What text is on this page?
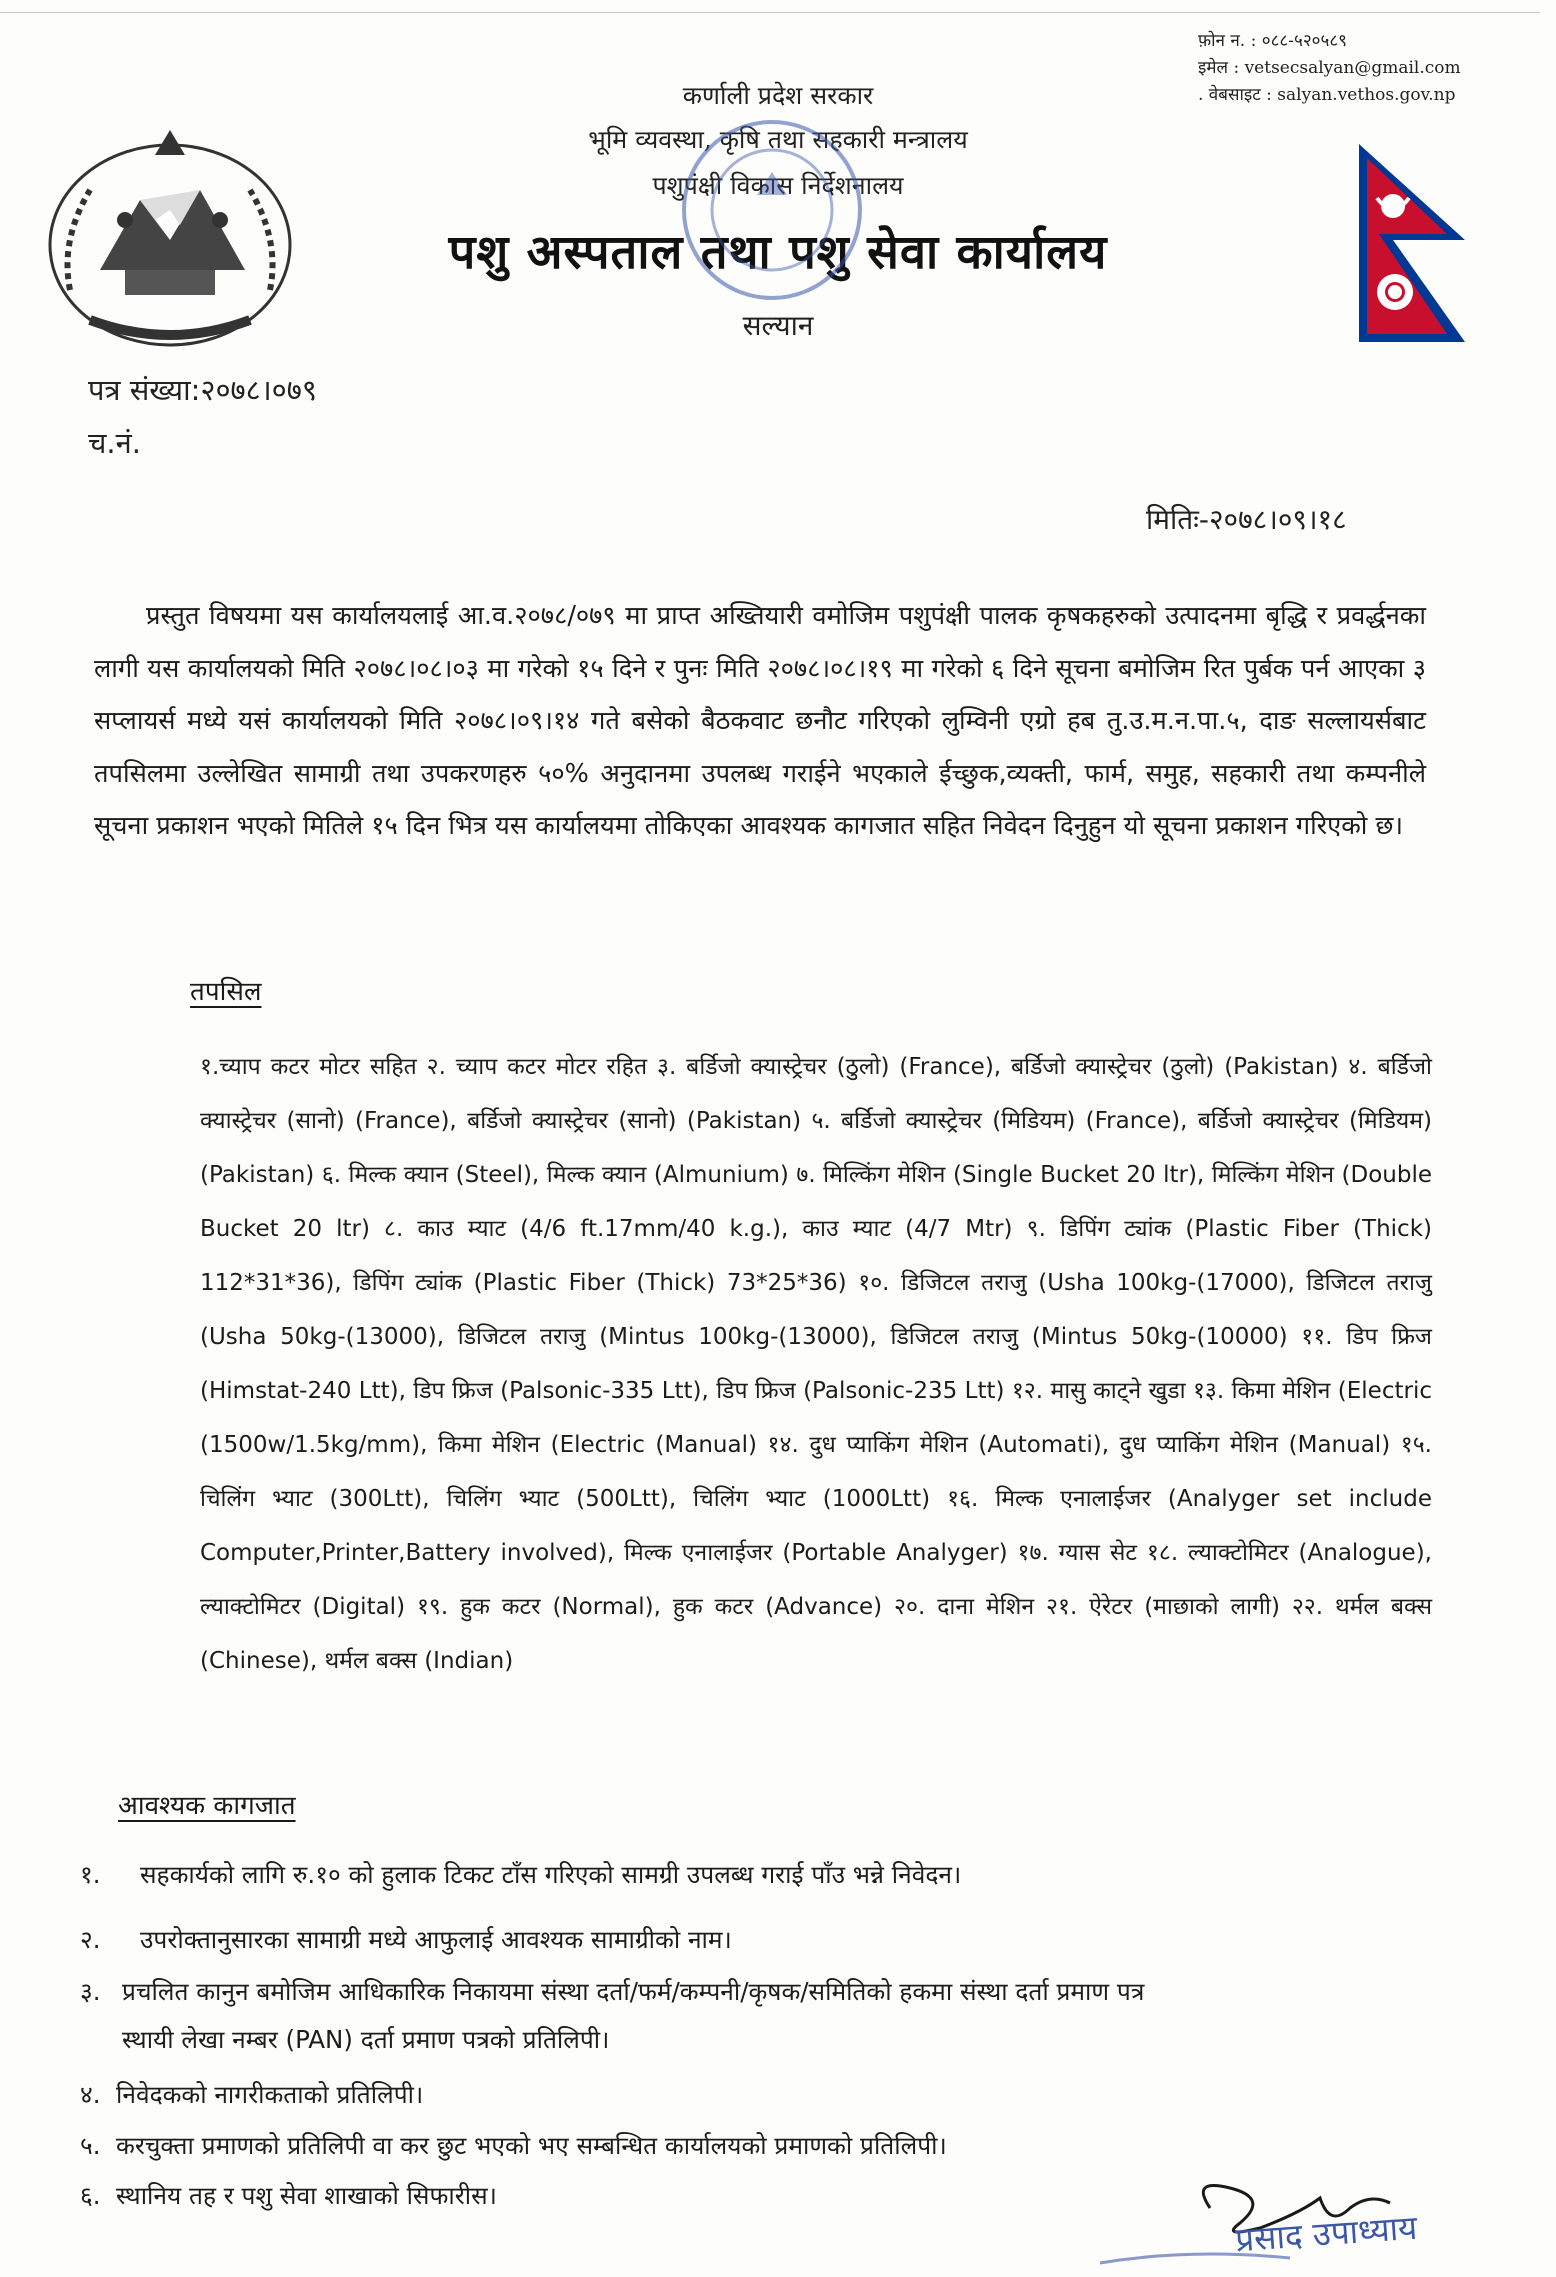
फ़ोन न. : ०८८-५२०५८९
इमेल : vetsecsalyan@gmail.com
. वेबसाइट : salyan.vethos.gov.np
कर्णाली प्रदेश सरकार
भूमि व्यवस्था, कृषि तथा सहकारी मन्त्रालय
पशुपंक्षी विकास निर्देशनालय
पशु अस्पताल तथा पशु सेवा कार्यालय
सल्यान
पत्र संख्या:२०७८।०७९
च.नं.
मितिः-२०७८।०९।१८
प्रस्तुत विषयमा यस कार्यालयलाई आ.व.२०७८/०७९ मा प्राप्त अख्तियारी वमोजिम पशुपंक्षी पालक कृषकहरुको उत्पादनमा बृद्धि र प्रवर्द्धनका लागी यस कार्यालयको मिति २०७८।०८।०३ मा गरेको १५ दिने र पुनः मिति २०७८।०८।१९ मा गरेको ६ दिने सूचना बमोजिम रित पुर्बक पर्न आएका ३ सप्लायर्स मध्ये यसं कार्यालयको मिति २०७८।०९।१४ गते बसेको बैठकवाट छनौट गरिएको लुम्विनी एग्रो हब तु.उ.म.न.पा.५, दाङ सल्लायर्सबाट तपसिलमा उल्लेखित सामाग्री तथा उपकरणहरु ५०% अनुदानमा उपलब्ध गराईने भएकाले ईच्छुक,व्यक्ती, फार्म, समुह, सहकारी तथा कम्पनीले सूचना प्रकाशन भएको मितिले १५ दिन भित्र यस कार्यालयमा तोकिएका आवश्यक कागजात सहित निवेदन दिनुहुन यो सूचना प्रकाशन गरिएको छ।
तपसिल
१.च्याप कटर मोटर सहित २. च्याप कटर मोटर रहित ३. बर्डिजो क्यास्ट्रेचर (ठुलो) (France), बर्डिजो क्यास्ट्रेचर (ठुलो) (Pakistan) ४. बर्डिजो क्यास्ट्रेचर (सानो) (France), बर्डिजो क्यास्ट्रेचर (सानो) (Pakistan) ५. बर्डिजो क्यास्ट्रेचर (मिडियम) (France), बर्डिजो क्यास्ट्रेचर (मिडियम) (Pakistan) ६. मिल्क क्यान (Steel), मिल्क क्यान (Almunium) ७. मिल्किंग मेशिन (Single Bucket 20 ltr), मिल्किंग मेशिन (Double Bucket 20 ltr) ८. काउ म्याट (4/6 ft.17mm/40 k.g.), काउ म्याट (4/7 Mtr) ९. डिपिंग ट्यांक (Plastic Fiber (Thick) 112*31*36), डिपिंग ट्यांक (Plastic Fiber (Thick) 73*25*36) १०. डिजिटल तराजु (Usha 100kg-(17000), डिजिटल तराजु (Usha 50kg-(13000), डिजिटल तराजु (Mintus 100kg-(13000), डिजिटल तराजु (Mintus 50kg-(10000) ११. डिप फ्रिज (Himstat-240 Ltt), डिप फ्रिज (Palsonic-335 Ltt), डिप फ्रिज (Palsonic-235 Ltt) १२. मासु काट्ने खुडा १३. किमा मेशिन (Electric (1500w/1.5kg/mm), किमा मेशिन (Electric (Manual) १४. दुध प्याकिंग मेशिन (Automati), दुध प्याकिंग मेशिन (Manual) १५. चिलिंग भ्याट (300Ltt), चिलिंग भ्याट (500Ltt), चिलिंग भ्याट (1000Ltt) १६. मिल्क एनालाईजर (Analyger set include Computer,Printer,Battery involved), मिल्क एनालाईजर (Portable Analyger) १७. ग्यास सेट १८. ल्याक्टोमिटर (Analogue), ल्याक्टोमिटर (Digital) १९. हुक कटर (Normal), हुक कटर (Advance) २०. दाना मेशिन २१. ऐरेटर (माछाको लागी) २२. थर्मल बक्स (Chinese), थर्मल बक्स (Indian)
आवश्यक कागजात
१. सहकार्यको लागि रु.१० को हुलाक टिकट टाँस गरिएको सामग्री उपलब्ध गराई पाँउ भन्ने निवेदन।
२. उपरोक्तानुसारका सामाग्री मध्ये आफुलाई आवश्यक सामाग्रीको नाम।
३. प्रचलित कानुन बमोजिम आधिकारिक निकायमा संस्था दर्ता/फर्म/कम्पनी/कृषक/समितिको हकमा संस्था दर्ता प्रमाण पत्र
स्थायी लेखा नम्बर (PAN) दर्ता प्रमाण पत्रको प्रतिलिपी।
४. निवेदकको नागरीकताको प्रतिलिपी।
५. करचुक्ता प्रमाणको प्रतिलिपी वा कर छुट भएको भए सम्बन्धित कार्यालयको प्रमाणको प्रतिलिपी।
६. स्थानिय तह र पशु सेवा शाखाको सिफारीस।
प्रसाद उपाध्याय
